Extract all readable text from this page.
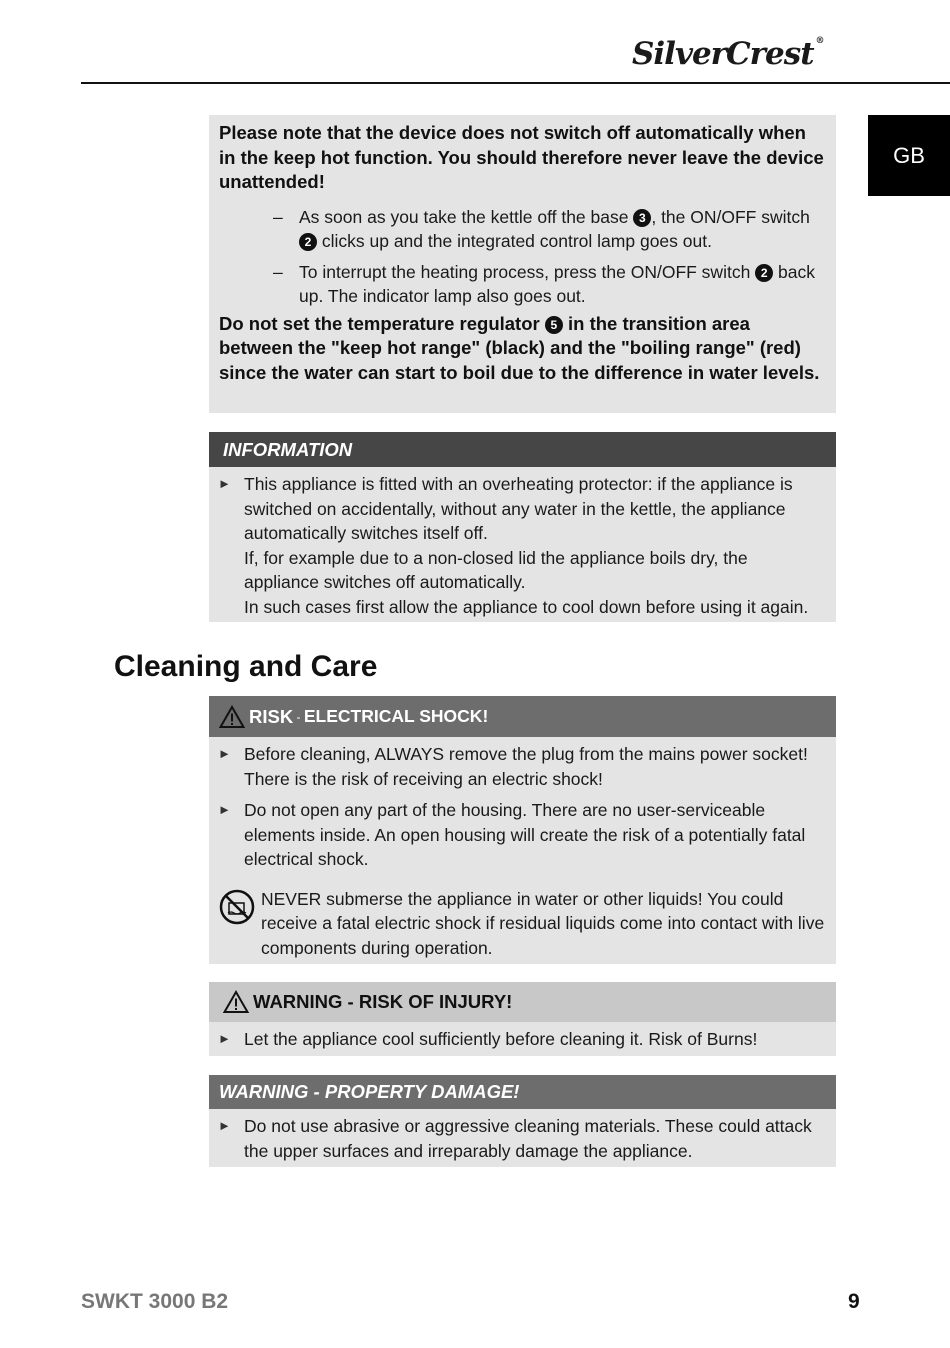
SilverCrest ®
GB
Please note that the device does not switch off automatically when in the keep hot function. You should therefore never leave the device unattended!
– As soon as you take the kettle off the base 3 , the ON/OFF switch 2 clicks up and the integrated control lamp goes out.
– To interrupt the heating process, press the ON/OFF switch 2 back up. The indicator lamp also goes out.
Do not set the temperature regulator 5 in the transition area between the "keep hot range" (black) and the "boiling range" (red) since the water can start to boil due to the difference in water levels.
INFORMATION
► This appliance is fitted with an overheating protector: if the appliance is switched on accidentally, without any water in the kettle, the appliance automatically switches itself off.
If, for example due to a non-closed lid the appliance boils dry, the appliance switches off automatically.
In such cases first allow the appliance to cool down before using it again.
Cleaning and Care
RISK - ELECTRICAL SHOCK!
► Before cleaning, ALWAYS remove the plug from the mains power socket! There is the risk of receiving an electric shock!
► Do not open any part of the housing. There are no user-serviceable elements inside. An open housing will create the risk of a potentially fatal electrical shock.
NEVER submerse the appliance in water or other liquids! You could receive a fatal electric shock if residual liquids come into contact with live components during operation.
WARNING - RISK OF INJURY!
► Let the appliance cool sufficiently before cleaning it. Risk of Burns!
WARNING - PROPERTY DAMAGE!
► Do not use abrasive or aggressive cleaning materials. These could attack the upper surfaces and irreparably damage the appliance.
SWKT 3000 B2	9
